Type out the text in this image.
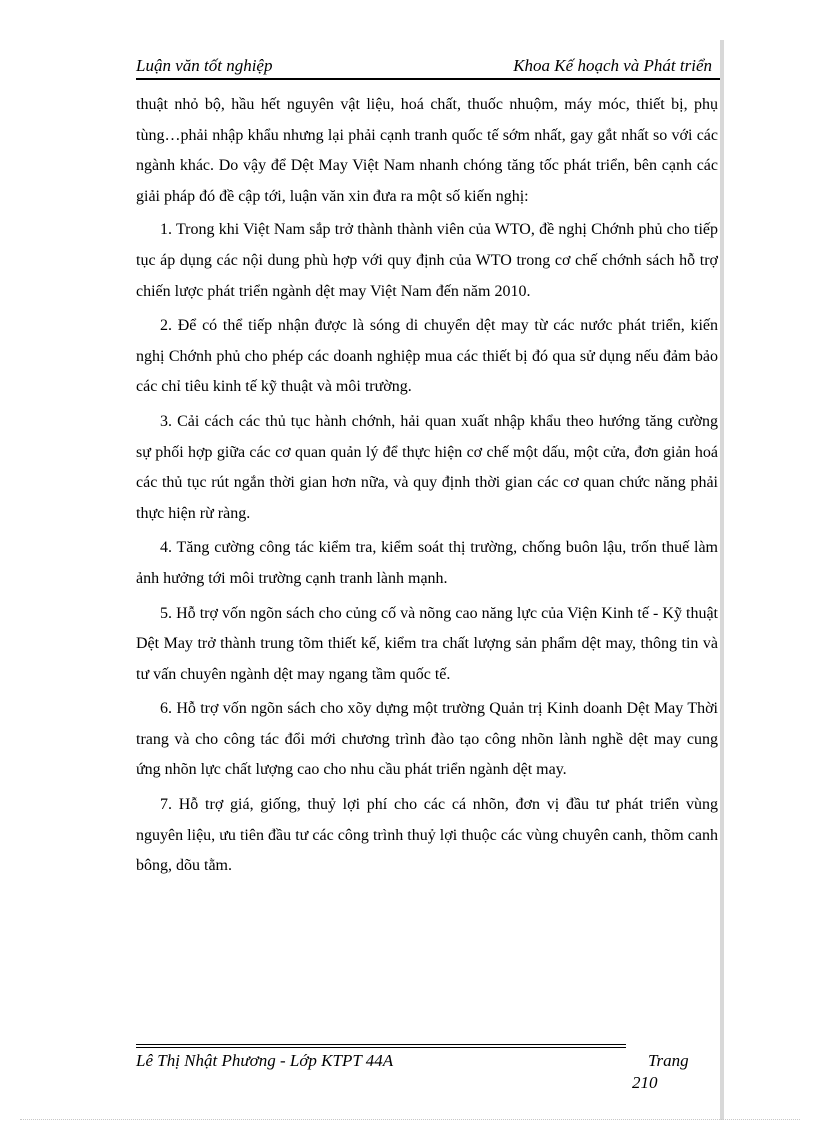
Luận văn tốt nghiệp	Khoa Kế hoạch và Phát triển

thuật nhỏ bộ, hầu hết nguyên vật liệu, hoá chất, thuốc nhuộm, máy móc, thiết bị, phụ tùng…phải nhập khẩu nhưng lại phải cạnh tranh quốc tế sớm nhất, gay gắt nhất so với các ngành khác. Do vậy để Dệt May Việt Nam nhanh chóng tăng tốc phát triển, bên cạnh các giải pháp đó đề cập tới, luận văn xin đưa ra một số kiến nghị:

1. Trong khi Việt Nam sắp trở thành thành viên của WTO, đề nghị Chớnh phủ cho tiếp tục áp dụng các nội dung phù hợp với quy định của WTO trong cơ chế chớnh sách hỗ trợ chiến lược phát triển ngành dệt may Việt Nam đến năm 2010.

2. Để có thể tiếp nhận được là sóng di chuyển dệt may từ các nước phát triển, kiến nghị Chớnh phủ cho phép các doanh nghiệp mua các thiết bị đó qua sử dụng nếu đảm bảo các chỉ tiêu kinh tế kỹ thuật và môi trường.

3. Cải cách các thủ tục hành chớnh, hải quan xuất nhập khẩu theo hướng tăng cường sự phối hợp giữa các cơ quan quản lý để thực hiện cơ chế một dấu, một cửa, đơn giản hoá các thủ tục rút ngắn thời gian hơn nữa, và quy định thời gian các cơ quan chức năng phải thực hiện rừ ràng.

4. Tăng cường công tác kiểm tra, kiểm soát thị trường, chống buôn lậu, trốn thuế làm ảnh hưởng tới môi trường cạnh tranh lành mạnh.

5. Hỗ trợ vốn ngõn sách cho củng cố và nõng cao năng lực của Viện Kinh tế - Kỹ thuật Dệt May trở thành trung tõm thiết kế, kiểm tra chất lượng sản phẩm dệt may, thông tin và tư vấn chuyên ngành dệt may ngang tầm quốc tế.

6. Hỗ trợ vốn ngõn sách cho xõy dựng một trường Quản trị Kinh doanh Dệt May Thời trang và cho công tác đổi mới chương trình đào tạo công nhõn lành nghề dệt may cung ứng nhõn lực chất lượng cao cho nhu cầu phát triển ngành dệt may.

7. Hỗ trợ giá, giống, thuỷ lợi phí cho các cá nhõn, đơn vị đầu tư phát triển vùng nguyên liệu, ưu tiên đầu tư các công trình thuỷ lợi thuộc các vùng chuyên canh, thõm canh bông, dõu tằm.

Lê Thị Nhật Phương - Lớp KTPT 44A	Trang
210
